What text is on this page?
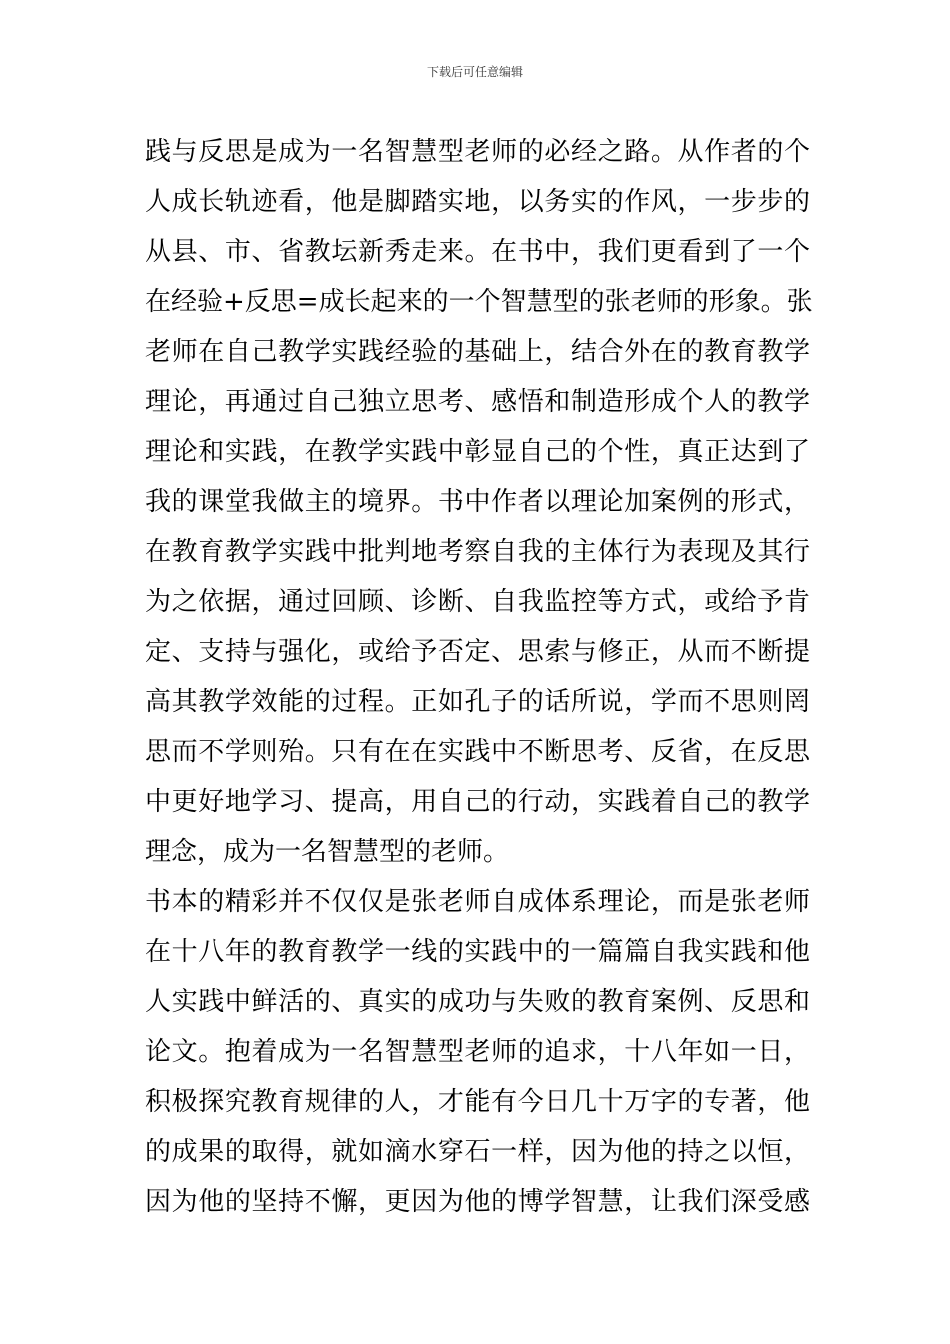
下载后可任意编辑
践与反思是成为一名智慧型老师的必经之路。从作者的个
人成长轨迹看，他是脚踏实地，以务实的作风，一步步的
从县、市、省教坛新秀走来。在书中，我们更看到了一个
在经验+反思=成长起来的一个智慧型的张老师的形象。张
老师在自己教学实践经验的基础上，结合外在的教育教学
理论，再通过自己独立思考、感悟和制造形成个人的教学
理论和实践，在教学实践中彰显自己的个性，真正达到了
我的课堂我做主的境界。书中作者以理论加案例的形式，
在教育教学实践中批判地考察自我的主体行为表现及其行
为之依据，通过回顾、诊断、自我监控等方式，或给予肯
定、支持与强化，或给予否定、思索与修正，从而不断提
高其教学效能的过程。正如孔子的话所说，学而不思则罔
思而不学则殆。只有在在实践中不断思考、反省，在反思
中更好地学习、提高，用自己的行动，实践着自己的教学
理念，成为一名智慧型的老师。
书本的精彩并不仅仅是张老师自成体系理论，而是张老师
在十八年的教育教学一线的实践中的一篇篇自我实践和他
人实践中鲜活的、真实的成功与失败的教育案例、反思和
论文。抱着成为一名智慧型老师的追求，十八年如一日，
积极探究教育规律的人，才能有今日几十万字的专著，他
的成果的取得，就如滴水穿石一样，因为他的持之以恒，
因为他的坚持不懈，更因为他的博学智慧，让我们深受感
